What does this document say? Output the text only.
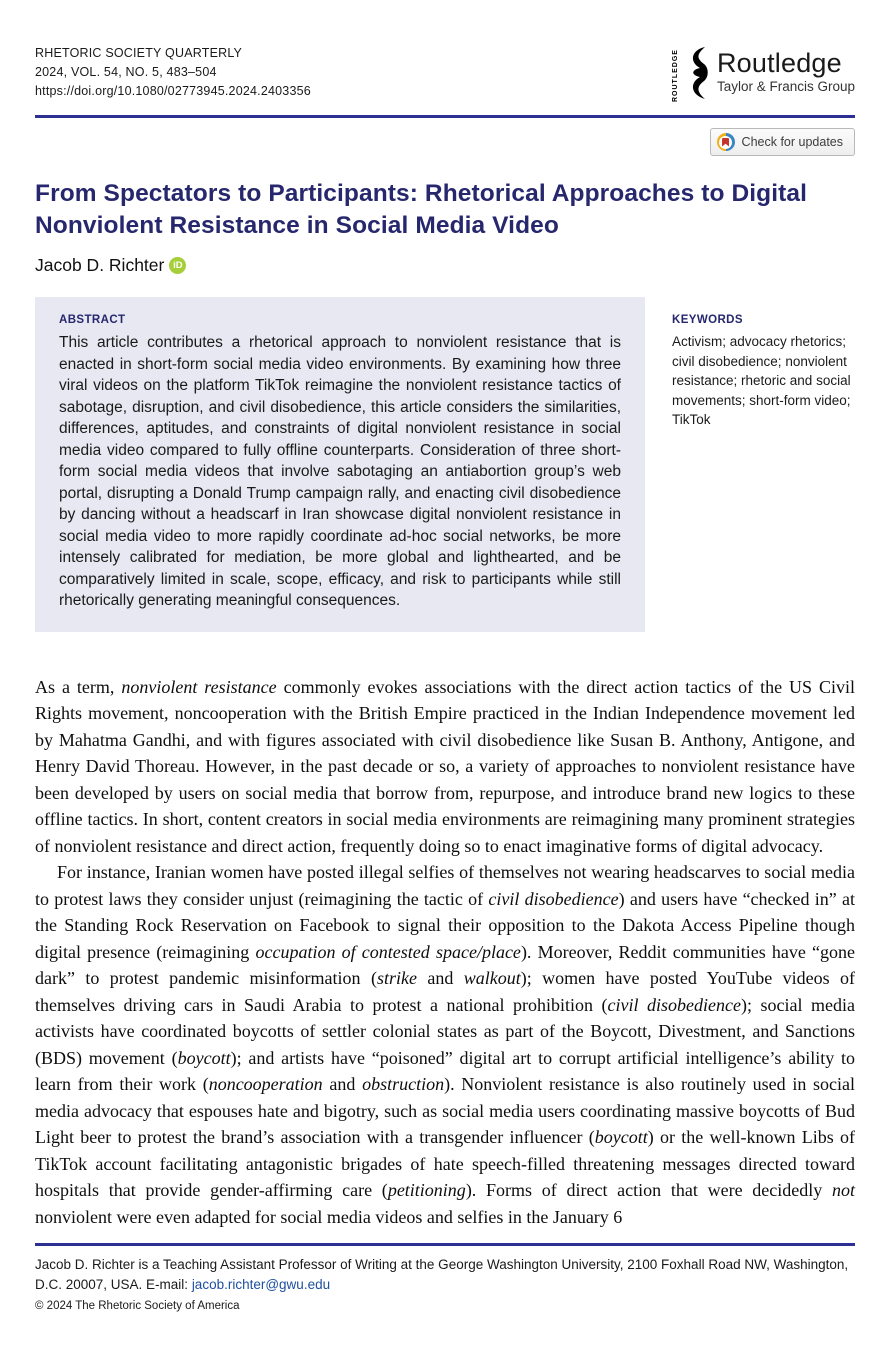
RHETORIC SOCIETY QUARTERLY
2024, VOL. 54, NO. 5, 483–504
https://doi.org/10.1080/02773945.2024.2403356	ROUTLEDGE Routledge
Taylor & Francis Group
Check for updates
From Spectators to Participants: Rhetorical Approaches to Digital Nonviolent Resistance in Social Media Video
Jacob D. Richter iD
ABSTRACT
This article contributes a rhetorical approach to nonviolent resistance that is enacted in short-form social media video environments. By examining how three viral videos on the platform TikTok reimagine the nonviolent resistance tactics of sabotage, disruption, and civil disobedience, this article considers the similarities, differences, aptitudes, and constraints of digital nonviolent resistance in social media video compared to fully offline counterparts. Consideration of three short-form social media videos that involve sabotaging an antiabortion group’s web portal, disrupting a Donald Trump campaign rally, and enacting civil disobedience by dancing without a headscarf in Iran showcase digital nonviolent resistance in social media video to more rapidly coordinate ad-hoc social networks, be more intensely calibrated for mediation, be more global and lighthearted, and be comparatively limited in scale, scope, efficacy, and risk to participants while still rhetorically generating meaningful consequences.
KEYWORDS
Activism; advocacy rhetorics; civil disobedience; nonviolent resistance; rhetoric and social movements; short-form video; TikTok

As a term, nonviolent resistance commonly evokes associations with the direct action tactics of the US Civil Rights movement, noncooperation with the British Empire practiced in the Indian Independence movement led by Mahatma Gandhi, and with figures associated with civil disobedience like Susan B. Anthony, Antigone, and Henry David Thoreau. However, in the past decade or so, a variety of approaches to nonviolent resistance have been developed by users on social media that borrow from, repurpose, and introduce brand new logics to these offline tactics. In short, content creators in social media environments are reimagining many prominent strategies of nonviolent resistance and direct action, frequently doing so to enact imaginative forms of digital advocacy.

For instance, Iranian women have posted illegal selfies of themselves not wearing headscarves to social media to protest laws they consider unjust (reimagining the tactic of civil disobedience) and users have “checked in” at the Standing Rock Reservation on Facebook to signal their opposition to the Dakota Access Pipeline though digital presence (reimagining occupation of contested space/place). Moreover, Reddit communities have “gone dark” to protest pandemic misinformation (strike and walkout); women have posted YouTube videos of themselves driving cars in Saudi Arabia to protest a national prohibition (civil disobedience); social media activists have coordinated boycotts of settler colonial states as part of the Boycott, Divestment, and Sanctions (BDS) movement (boycott); and artists have “poisoned” digital art to corrupt artificial intelligence’s ability to learn from their work (noncooperation and obstruction). Nonviolent resistance is also routinely used in social media advocacy that espouses hate and bigotry, such as social media users coordinating massive boycotts of Bud Light beer to protest the brand’s association with a transgender influencer (boycott) or the well-known Libs of TikTok account facilitating antagonistic brigades of hate speech-filled threatening messages directed toward hospitals that provide gender-affirming care (petitioning). Forms of direct action that were decidedly not nonviolent were even adapted for social media videos and selfies in the January 6

Jacob D. Richter is a Teaching Assistant Professor of Writing at the George Washington University, 2100 Foxhall Road NW, Washington, D.C. 20007, USA. E-mail: jacob.richter@gwu.edu
© 2024 The Rhetoric Society of America
